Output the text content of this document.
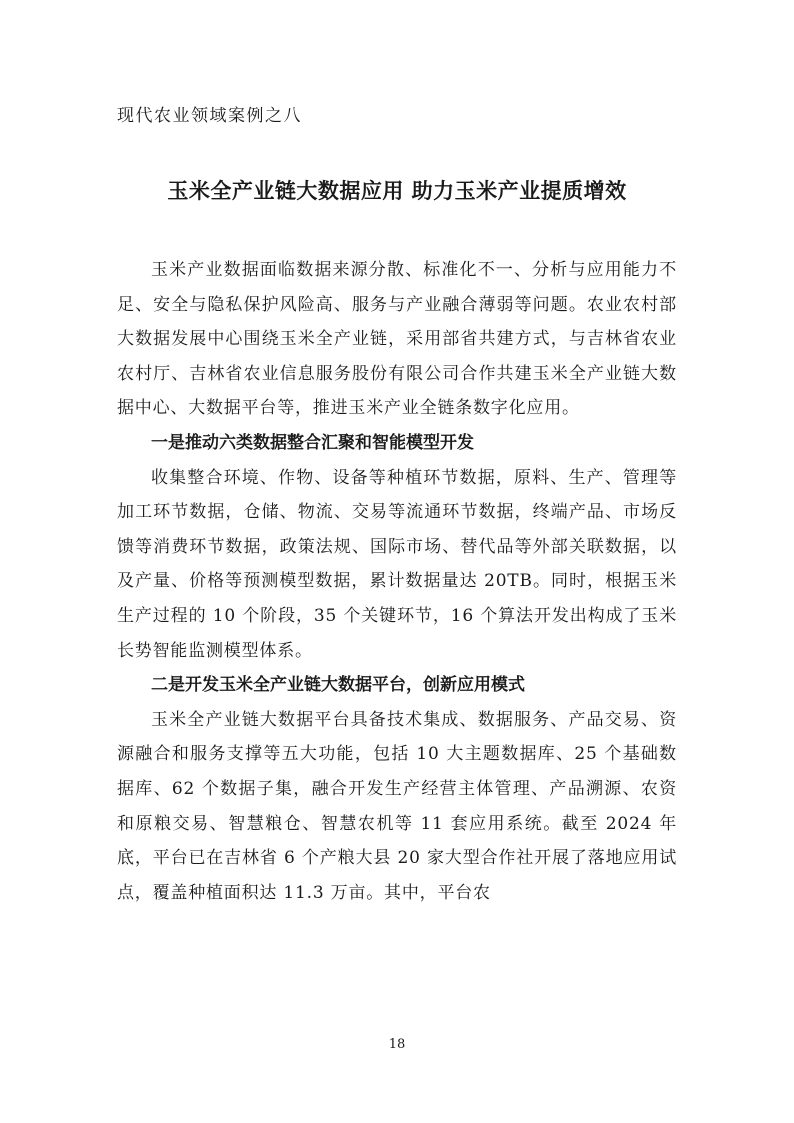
现代农业领域案例之八
玉米全产业链大数据应用 助力玉米产业提质增效

玉米产业数据面临数据来源分散、标准化不一、分析与应用能力不足、安全与隐私保护风险高、服务与产业融合薄弱等问题。农业农村部大数据发展中心围绕玉米全产业链，采用部省共建方式，与吉林省农业农村厅、吉林省农业信息服务股份有限公司合作共建玉米全产业链大数据中心、大数据平台等，推进玉米产业全链条数字化应用。

一是推动六类数据整合汇聚和智能模型开发

收集整合环境、作物、设备等种植环节数据，原料、生产、管理等加工环节数据，仓储、物流、交易等流通环节数据，终端产品、市场反馈等消费环节数据，政策法规、国际市场、替代品等外部关联数据，以及产量、价格等预测模型数据，累计数据量达 20TB。同时，根据玉米生产过程的 10 个阶段，35 个关键环节，16 个算法开发出构成了玉米长势智能监测模型体系。

二是开发玉米全产业链大数据平台，创新应用模式

玉米全产业链大数据平台具备技术集成、数据服务、产品交易、资源融合和服务支撑等五大功能，包括 10 大主题数据库、25 个基础数据库、62 个数据子集，融合开发生产经营主体管理、产品溯源、农资和原粮交易、智慧粮仓、智慧农机等 11 套应用系统。截至 2024 年底，平台已在吉林省 6 个产粮大县 20 家大型合作社开展了落地应用试点，覆盖种植面积达 11.3 万亩。其中，平台农

18
